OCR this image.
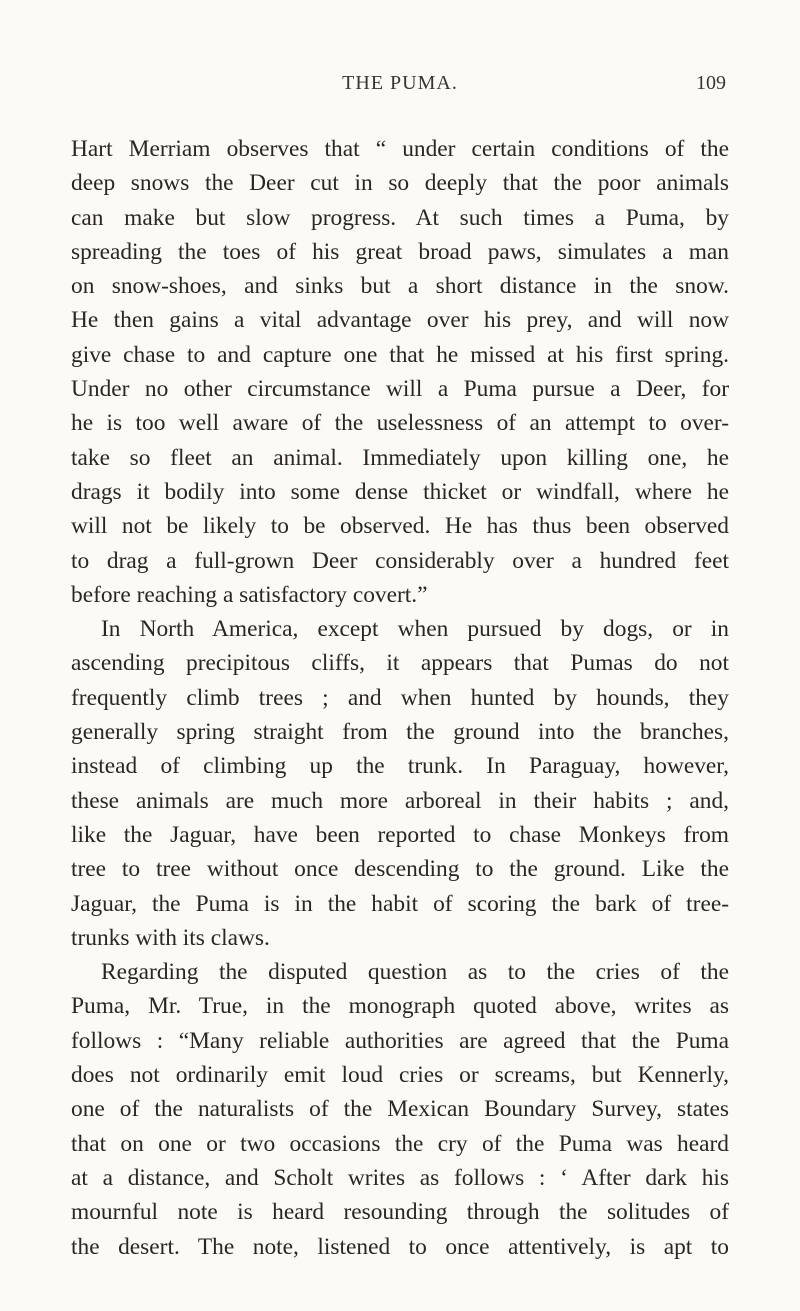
THE PUMA.	109
Hart Merriam observes that “ under certain conditions of the
deep snows the Deer cut in so deeply that the poor animals
can make but slow progress. At such times a Puma, by
spreading the toes of his great broad paws, simulates a man
on snow-shoes, and sinks but a short distance in the snow.
He then gains a vital advantage over his prey, and will now
give chase to and capture one that he missed at his first spring.
Under no other circumstance will a Puma pursue a Deer, for
he is too well aware of the uselessness of an attempt to over-
take so fleet an animal. Immediately upon killing one, he
drags it bodily into some dense thicket or windfall, where he
will not be likely to be observed. He has thus been observed
to drag a full-grown Deer considerably over a hundred feet
before reaching a satisfactory covert.”
In North America, except when pursued by dogs, or in
ascending precipitous cliffs, it appears that Pumas do not
frequently climb trees ; and when hunted by hounds, they
generally spring straight from the ground into the branches,
instead of climbing up the trunk. In Paraguay, however,
these animals are much more arboreal in their habits ; and,
like the Jaguar, have been reported to chase Monkeys from
tree to tree without once descending to the ground. Like the
Jaguar, the Puma is in the habit of scoring the bark of tree-
trunks with its claws.
Regarding the disputed question as to the cries of the
Puma, Mr. True, in the monograph quoted above, writes as
follows : “Many reliable authorities are agreed that the Puma
does not ordinarily emit loud cries or screams, but Kennerly,
one of the naturalists of the Mexican Boundary Survey, states
that on one or two occasions the cry of the Puma was heard
at a distance, and Scholt writes as follows : ‘ After dark his
mournful note is heard resounding through the solitudes of
the desert. The note, listened to once attentively, is apt to
